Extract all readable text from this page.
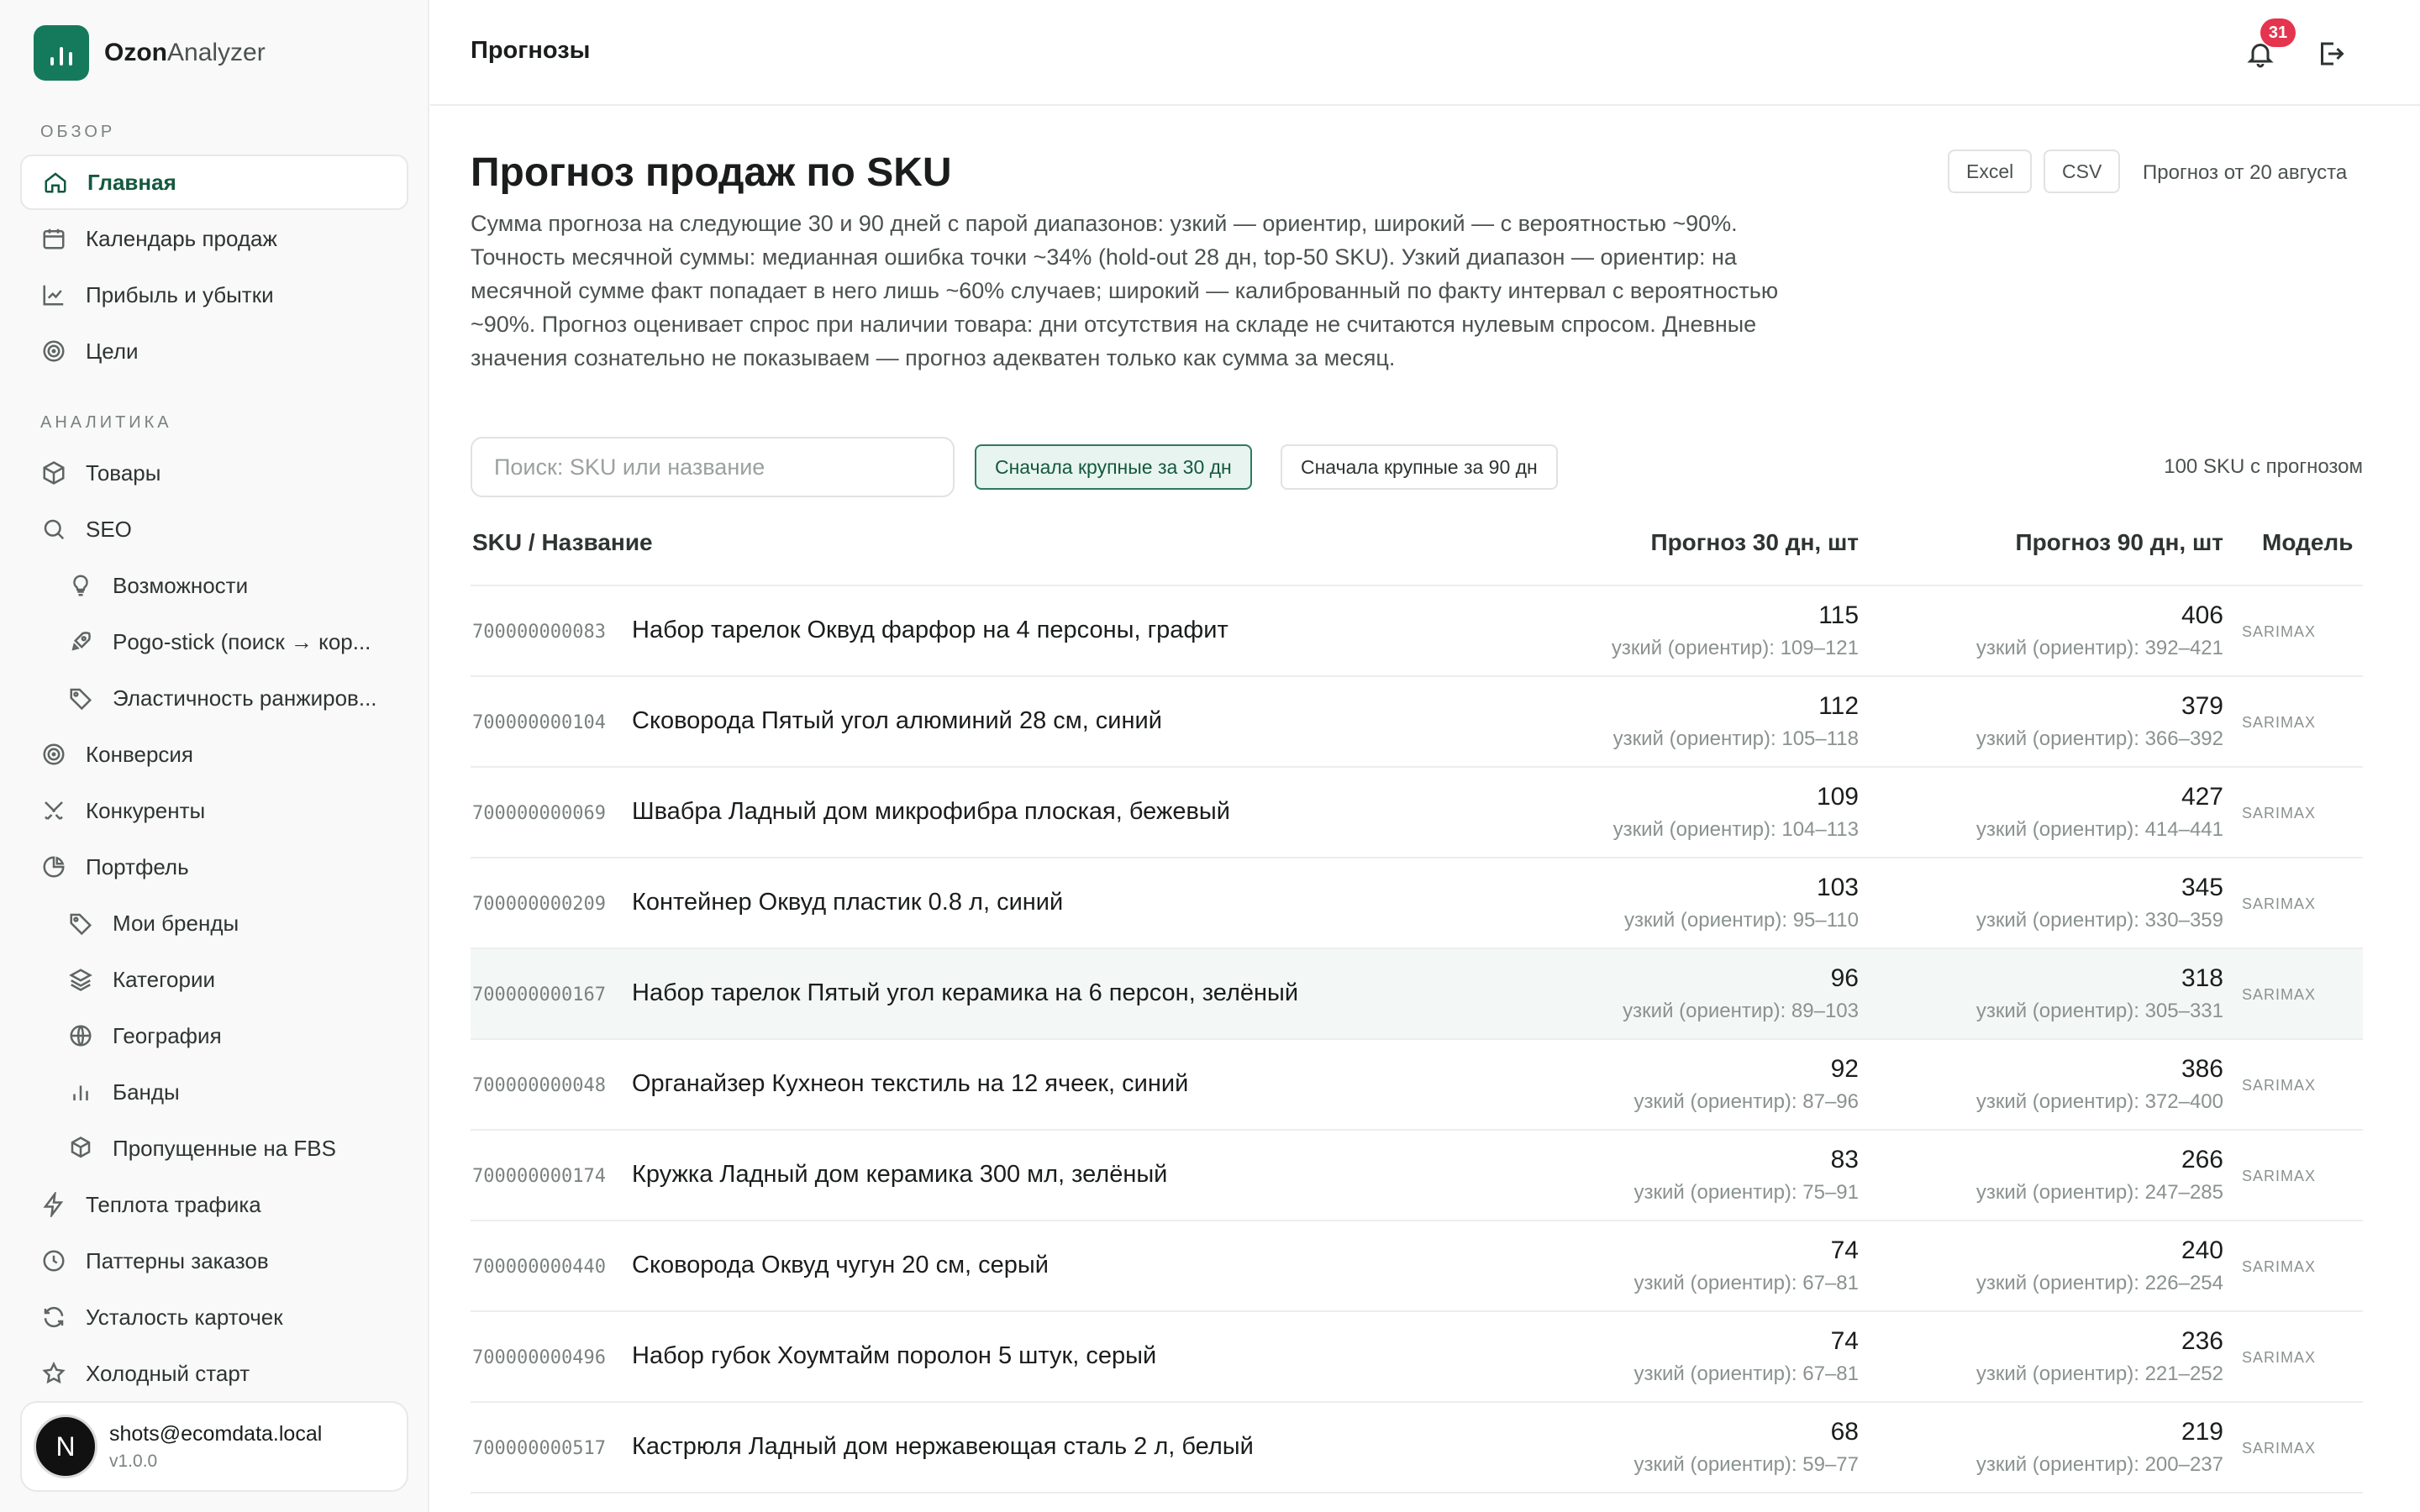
OzonAnalyzer
ОБЗОР
Главная
Календарь продаж
Прибыль и убытки
Цели
АНАЛИТИКА
Товары
SEO
Возможности
Pogo-stick (поиск → кор...
Эластичность ранжиров...
Конверсия
Конкуренты
Портфель
Мои бренды
Категории
География
Банды
Пропущенные на FBS
Теплота трафика
Паттерны заказов
Усталость карточек
Холодный старт
N	shots@ecomdata.local
v1.0.0
Прогнозы
31
Прогноз продаж по SKU	Excel	CSV	Прогноз от 20 августа

Сумма прогноза на следующие 30 и 90 дней с парой диапазонов: узкий — ориентир, широкий — с вероятностью ~90%. Точность месячной суммы: медианная ошибка точки ~34% (hold-out 28 дн, top-50 SKU). Узкий диапазон — ориентир: на месячной сумме факт попадает в него лишь ~60% случаев; широкий — калиброванный по факту интервал с вероятностью ~90%. Прогноз оценивает спрос при наличии товара: дни отсутствия на складе не считаются нулевым спросом. Дневные значения сознательно не показываем — прогноз адекватен только как сумма за месяц.

Поиск: SKU или название
Сначала крупные за 30 дн	Сначала крупные за 90 дн	100 SKU с прогнозом
SKU / Название	Прогноз 30 дн, шт	Прогноз 90 дн, шт Модель
700000000083 Набор тарелок Оквуд фарфор на 4 персоны, графит
115
узкий (ориентир): 109–121
406
узкий (ориентир): 392–421
SARIMAX
700000000104 Сковорода Пятый угол алюминий 28 см, синий
112
узкий (ориентир): 105–118
379
узкий (ориентир): 366–392
SARIMAX
700000000069 Швабра Ладный дом микрофибра плоская, бежевый
109
узкий (ориентир): 104–113
427
узкий (ориентир): 414–441
SARIMAX
700000000209 Контейнер Оквуд пластик 0.8 л, синий
103
узкий (ориентир): 95–110
345
узкий (ориентир): 330–359
SARIMAX
700000000167 Набор тарелок Пятый угол керамика на 6 персон, зелёный
96
узкий (ориентир): 89–103
318
узкий (ориентир): 305–331
SARIMAX
700000000048 Органайзер Кухнеон текстиль на 12 ячеек, синий
92
узкий (ориентир): 87–96
386
узкий (ориентир): 372–400
SARIMAX
700000000174 Кружка Ладный дом керамика 300 мл, зелёный
83
узкий (ориентир): 75–91
266
узкий (ориентир): 247–285
SARIMAX
700000000440 Сковорода Оквуд чугун 20 см, серый
74
узкий (ориентир): 67–81
240
узкий (ориентир): 226–254
SARIMAX
700000000496 Набор губок Хоумтайм поролон 5 штук, серый
74
узкий (ориентир): 67–81
236
узкий (ориентир): 221–252
SARIMAX
700000000517 Кастрюля Ладный дом нержавеющая сталь 2 л, белый
68
узкий (ориентир): 59–77
219
узкий (ориентир): 200–237
SARIMAX
